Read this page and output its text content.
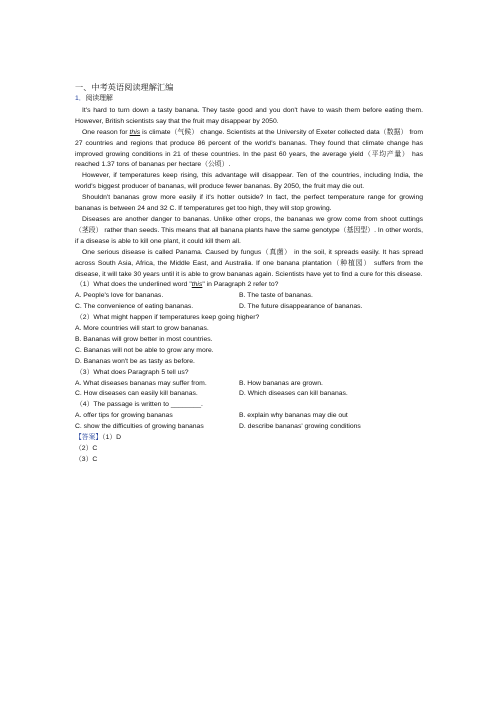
一、中考英语阅读理解汇编
1．阅读理解

It's hard to turn down a tasty banana. They taste good and you don't have to wash them before eating them. However, British scientists say that the fruit may disappear by 2050.

One reason for this is climate（气候） change. Scientists at the University of Exeter collected data（数据） from 27 countries and regions that produce 86 percent of the world's bananas. They found that climate change has improved growing conditions in 21 of these countries. In the past 60 years, the average yield（平均产量） has reached 1.37 tons of bananas per hectare（公顷）.

However, if temperatures keep rising, this advantage will disappear. Ten of the countries, including India, the world's biggest producer of bananas, will produce fewer bananas. By 2050, the fruit may die out.

Shouldn't bananas grow more easily if it's hotter outside? In fact, the perfect temperature range for growing bananas is between 24 and 32 C. If temperatures get too high, they will stop growing.

Diseases are another danger to bananas. Unlike other crops, the bananas we grow come from shoot cuttings（茎段） rather than seeds. This means that all banana plants have the same genotype（基因型）. In other words, if a disease is able to kill one plant, it could kill them all.

One serious disease is called Panama. Caused by fungus（真菌） in the soil, it spreads easily. It has spread across South Asia, Africa, the Middle East, and Australia. If one banana plantation（种植园） suffers from the disease, it will take 30 years until it is able to grow bananas again. Scientists have yet to find a cure for this disease.

（1）What does the underlined word "this" in Paragraph 2 refer to?

A. People's love for bananas.	B. The taste of bananas.
C. The convenience of eating bananas.	D. The future disappearance of bananas.

（2）What might happen if temperatures keep going higher?

A. More countries will start to grow bananas.

B. Bananas will grow better in most countries.

C. Bananas will not be able to grow any more.

D. Bananas won't be as tasty as before.

（3）What does Paragraph 5 tell us?

A. What diseases bananas may suffer from.	B. How bananas are grown.
C. How diseases can easily kill bananas.	D. Which diseases can kill bananas.

（4）The passage is written to ________.

A. offer tips for growing bananas	B. explain why bananas may die out
C. show the difficulties of growing bananas	D. describe bananas' growing conditions

【答案】（1）D

（2）C

（3）C
